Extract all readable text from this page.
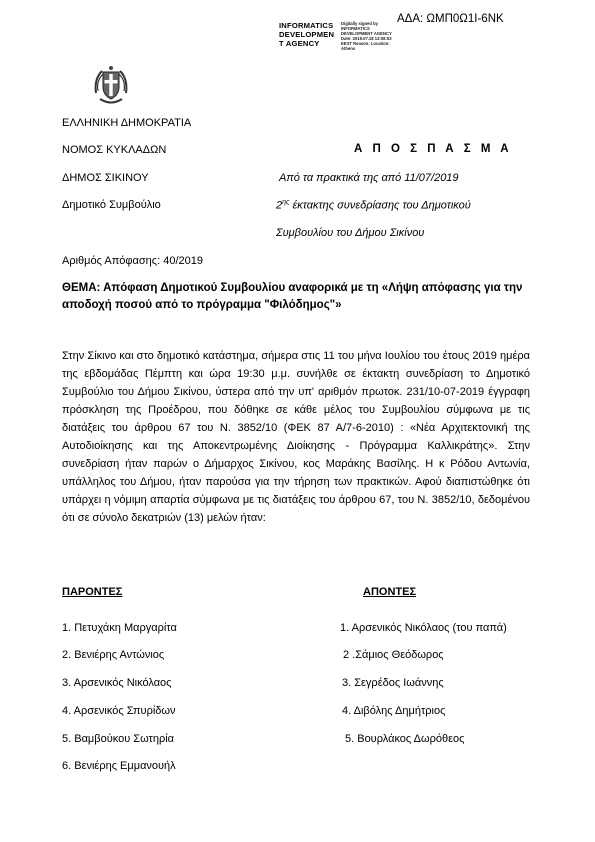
ΑΔΑ: ΩΜΠ0Ω1Ι-6ΝΚ
INFORMATICS DEVELOPMEN T AGENCY
Digitally signed by INFORMATICS DEVELOPMENT AGENCY Date: 2019.07.18 13:08:53 EEST Reason: Location: Athens
ΕΛΛΗΝΙΚΗ ΔΗΜΟΚΡΑΤΙΑ
ΝΟΜΟΣ ΚΥΚΛΑΔΩΝ
ΔΗΜΟΣ ΣΙΚΙΝΟΥ
Δημοτικό Συμβούλιο
Αριθμός Απόφασης: 40/2019
Α Π Ο Σ Π Α Σ Μ Α
Από τα πρακτικά της από 11/07/2019
$2^{\eta\varsigma}$ έκτακτης συνεδρίασης του Δημοτικού
Συμβουλίου του Δήμου Σικίνου
ΘΕΜΑ: Απόφαση Δημοτικού Συμβουλίου αναφορικά με τη «Λήψη απόφασης για την αποδοχή ποσού από το πρόγραμμα "Φιλόδημος"»
Στην Σίκινο και στο δημοτικό κατάστημα, σήμερα στις 11 του μήνα Ιουλίου του έτους 2019 ημέρα της εβδομάδας Πέμπτη και ώρα 19:30 μ.μ. συνήλθε σε έκτακτη συνεδρίαση το Δημοτικό Συμβούλιο του Δήμου Σικίνου, ύστερα από την υπ' αριθμόν πρωτοκ. 231/10-07-2019 έγγραφη πρόσκληση της Προέδρου, που δόθηκε σε κάθε μέλος του Συμβουλίου σύμφωνα με τις διατάξεις του άρθρου 67 του Ν. 3852/10 (ΦΕΚ 87 Α/7-6-2010) : «Νέα Αρχιτεκτονική της Αυτοδιοίκησης και της Αποκεντρωμένης Διοίκησης - Πρόγραμμα Καλλικράτης». Στην συνεδρίαση ήταν παρών ο Δήμαρχος Σικίνου, κος Μαράκης Βασίλης. Η κ Ρόδου Αντωνία, υπάλληλος του Δήμου, ήταν παρούσα για την τήρηση των πρακτικών. Αφού διαπιστώθηκε ότι υπάρχει η νόμιμη απαρτία σύμφωνα με τις διατάξεις του άρθρου 67, του Ν. 3852/10, δεδομένου ότι σε σύνολο δεκατριών (13) μελών ήταν:
ΠΑΡΟΝΤΕΣ	ΑΠΟΝΤΕΣ
1. Πετυχάκη Μαργαρίτα
2. Βενιέρης Αντώνιος
3. Αρσενικός Νικόλαος
4. Αρσενικός Σπυρίδων
5. Βαμβούκου Σωτηρία
6. Βενιέρης Εμμανουήλ
1. Αρσενικός Νικόλαος (του παπά)
2 .Σάμιος Θεόδωρος
3. Σεγρέδος Ιωάννης
4. Διβόλης Δημήτριος
5. Βουρλάκος Δωρόθεος
